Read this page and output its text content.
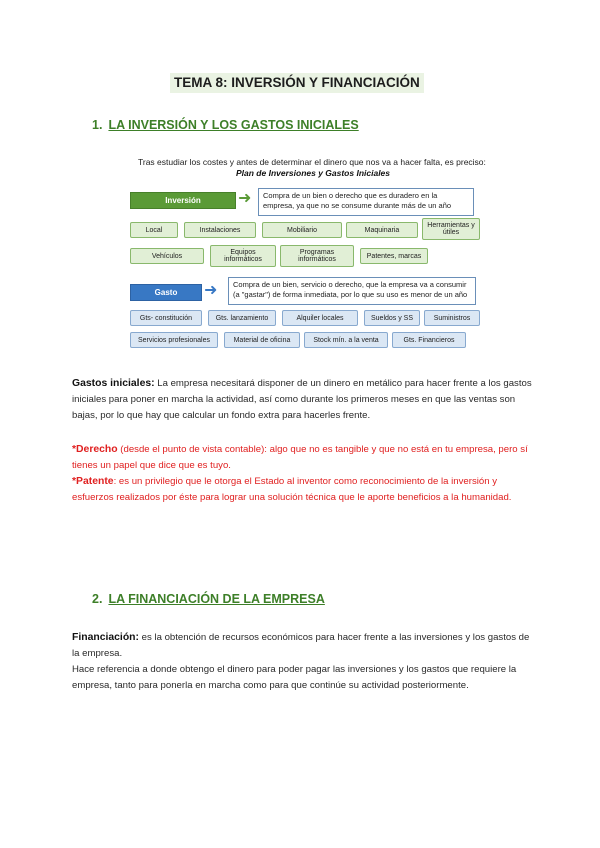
TEMA 8: INVERSIÓN Y FINANCIACIÓN
1. LA INVERSIÓN Y LOS GASTOS INICIALES
Tras estudiar los costes y antes de determinar el dinero que nos va a hacer falta, es preciso:
Plan de Inversiones y Gastos Iniciales
Inversión	➜	Compra de un bien o derecho que es duradero en la empresa, ya que no se consume durante más de un año
Local	Instalaciones	Mobiliario	Maquinaria
Herramientas y útiles
Vehículos	Equipos informáticos
Programas informáticos	Patentes, marcas
Gasto	➜	Compra de un bien, servicio o derecho, que la empresa va a consumir (a "gastar") de forma inmediata, por lo que su uso es menor de un año
Gts- constitución	Gts. lanzamiento	Alquiler locales	Sueldos y SS	Suministros
Servicios profesionales	Material de oficina	Stock mín. a la venta	Gts. Financieros
Gastos iniciales: La empresa necesitará disponer de un dinero en metálico para hacer frente a los gastos iniciales para poner en marcha la actividad, así como durante los primeros meses en que las ventas son bajas, por lo que hay que calcular un fondo extra para hacerles frente.
*Derecho (desde el punto de vista contable): algo que no es tangible y que no está en tu empresa, pero sí tienes un papel que dice que es tuyo.
*Patente: es un privilegio que le otorga el Estado al inventor como reconocimiento de la inversión y esfuerzos realizados por éste para lograr una solución técnica que le aporte beneficios a la humanidad.
2. LA FINANCIACIÓN DE LA EMPRESA
Financiación: es la obtención de recursos económicos para hacer frente a las inversiones y los gastos de la empresa.
Hace referencia a donde obtengo el dinero para poder pagar las inversiones y los gastos que requiere la empresa, tanto para ponerla en marcha como para que continúe su actividad posteriormente.
